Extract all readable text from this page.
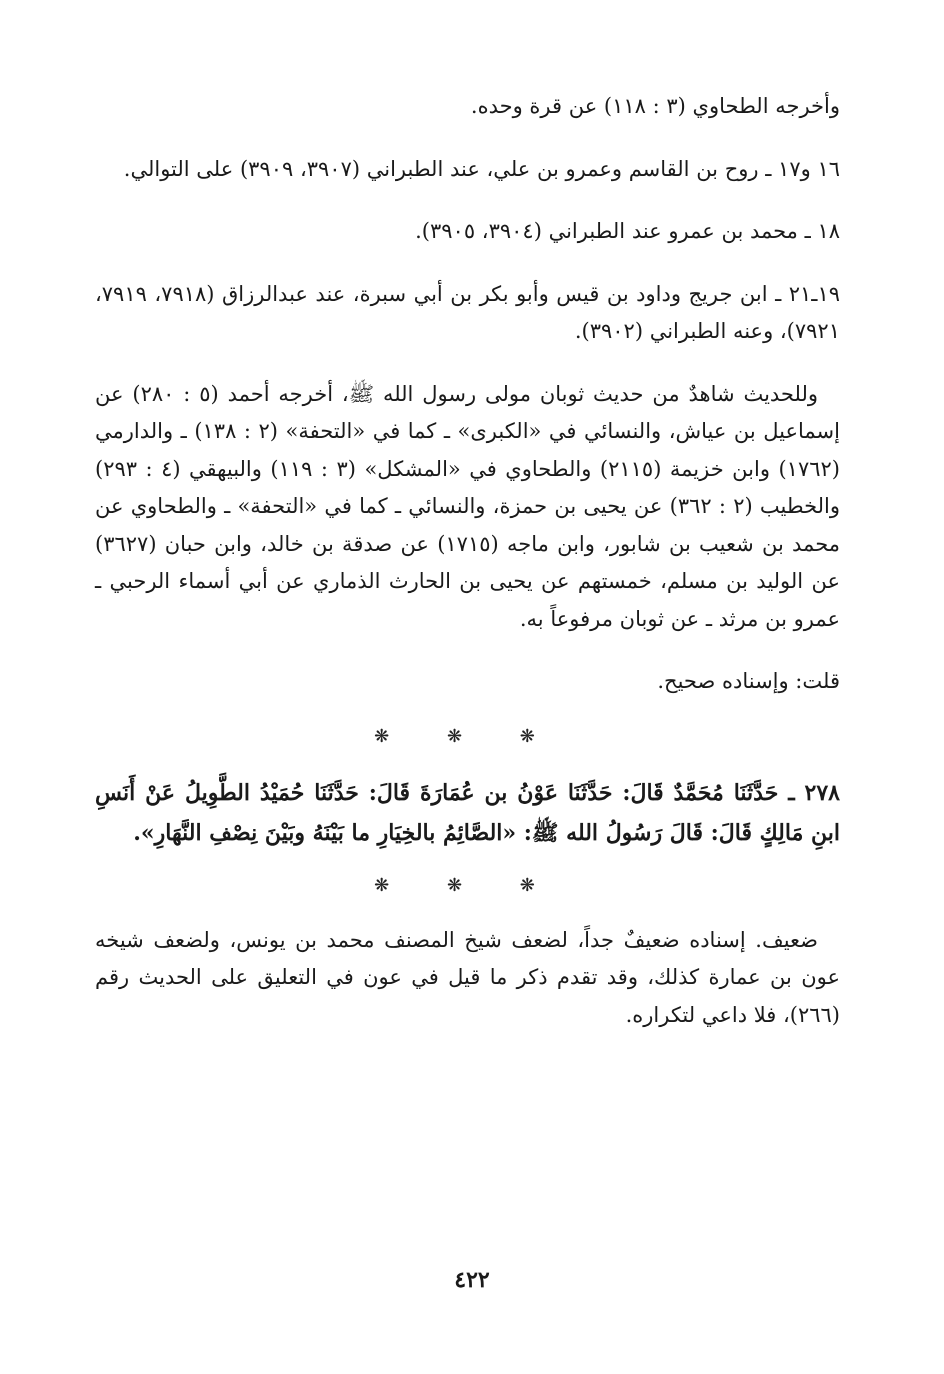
وأخرجه الطحاوي (٣ : ١١٨) عن قرة وحده.

١٦ و١٧ ـ روح بن القاسم وعمرو بن علي، عند الطبراني (٣٩٠٧، ٣٩٠٩) على التوالي.

١٨ ـ محمد بن عمرو عند الطبراني (٣٩٠٤، ٣٩٠٥).

١٩ـ٢١ ـ ابن جريج وداود بن قيس وأبو بكر بن أبي سبرة، عند عبدالرزاق (٧٩١٨، ٧٩١٩، ٧٩٢١)، وعنه الطبراني (٣٩٠٢).

وللحديث شاهدٌ من حديث ثوبان مولى رسول الله ﷺ، أخرجه أحمد (٥ : ٢٨٠) عن إسماعيل بن عياش، والنسائي في «الكبرى» ـ كما في «التحفة» (٢ : ١٣٨) ـ والدارمي (١٧٦٢) وابن خزيمة (٢١١٥) والطحاوي في «المشكل» (٣ : ١١٩) والبيهقي (٤ : ٢٩٣) والخطيب (٢ : ٣٦٢) عن يحيى بن حمزة، والنسائي ـ كما في «التحفة» ـ والطحاوي عن محمد بن شعيب بن شابور، وابن ماجه (١٧١٥) عن صدقة بن خالد، وابن حبان (٣٦٢٧) عن الوليد بن مسلم، خمستهم عن يحيى بن الحارث الذماري عن أبي أسماء الرحبي ـ عمرو بن مرثد ـ عن ثوبان مرفوعاً به.

قلت: وإسناده صحيح.

❋ ❋ ❋

٢٧٨ ـ حَدَّثَنَا مُحَمَّدٌ قَالَ: حَدَّثَنَا عَوْنُ بن عُمَارَةَ قَالَ: حَدَّثَنَا حُمَيْدُ الطَّوِيلُ عَنْ أَنَسِ ابنِ مَالِكٍ قَالَ: قَالَ رَسُولُ الله ﷺ: «الصَّائِمُ بالخِيَارِ ما بَيْنَهُ وبَيْنَ نِصْفِ النَّهَارِ».

❋ ❋ ❋

ضعيف. إسناده ضعيفٌ جداً، لضعف شيخ المصنف محمد بن يونس، ولضعف شيخه عون بن عمارة كذلك، وقد تقدم ذكر ما قيل في عون في التعليق على الحديث رقم (٢٦٦)، فلا داعي لتكراره.

٤٢٢
